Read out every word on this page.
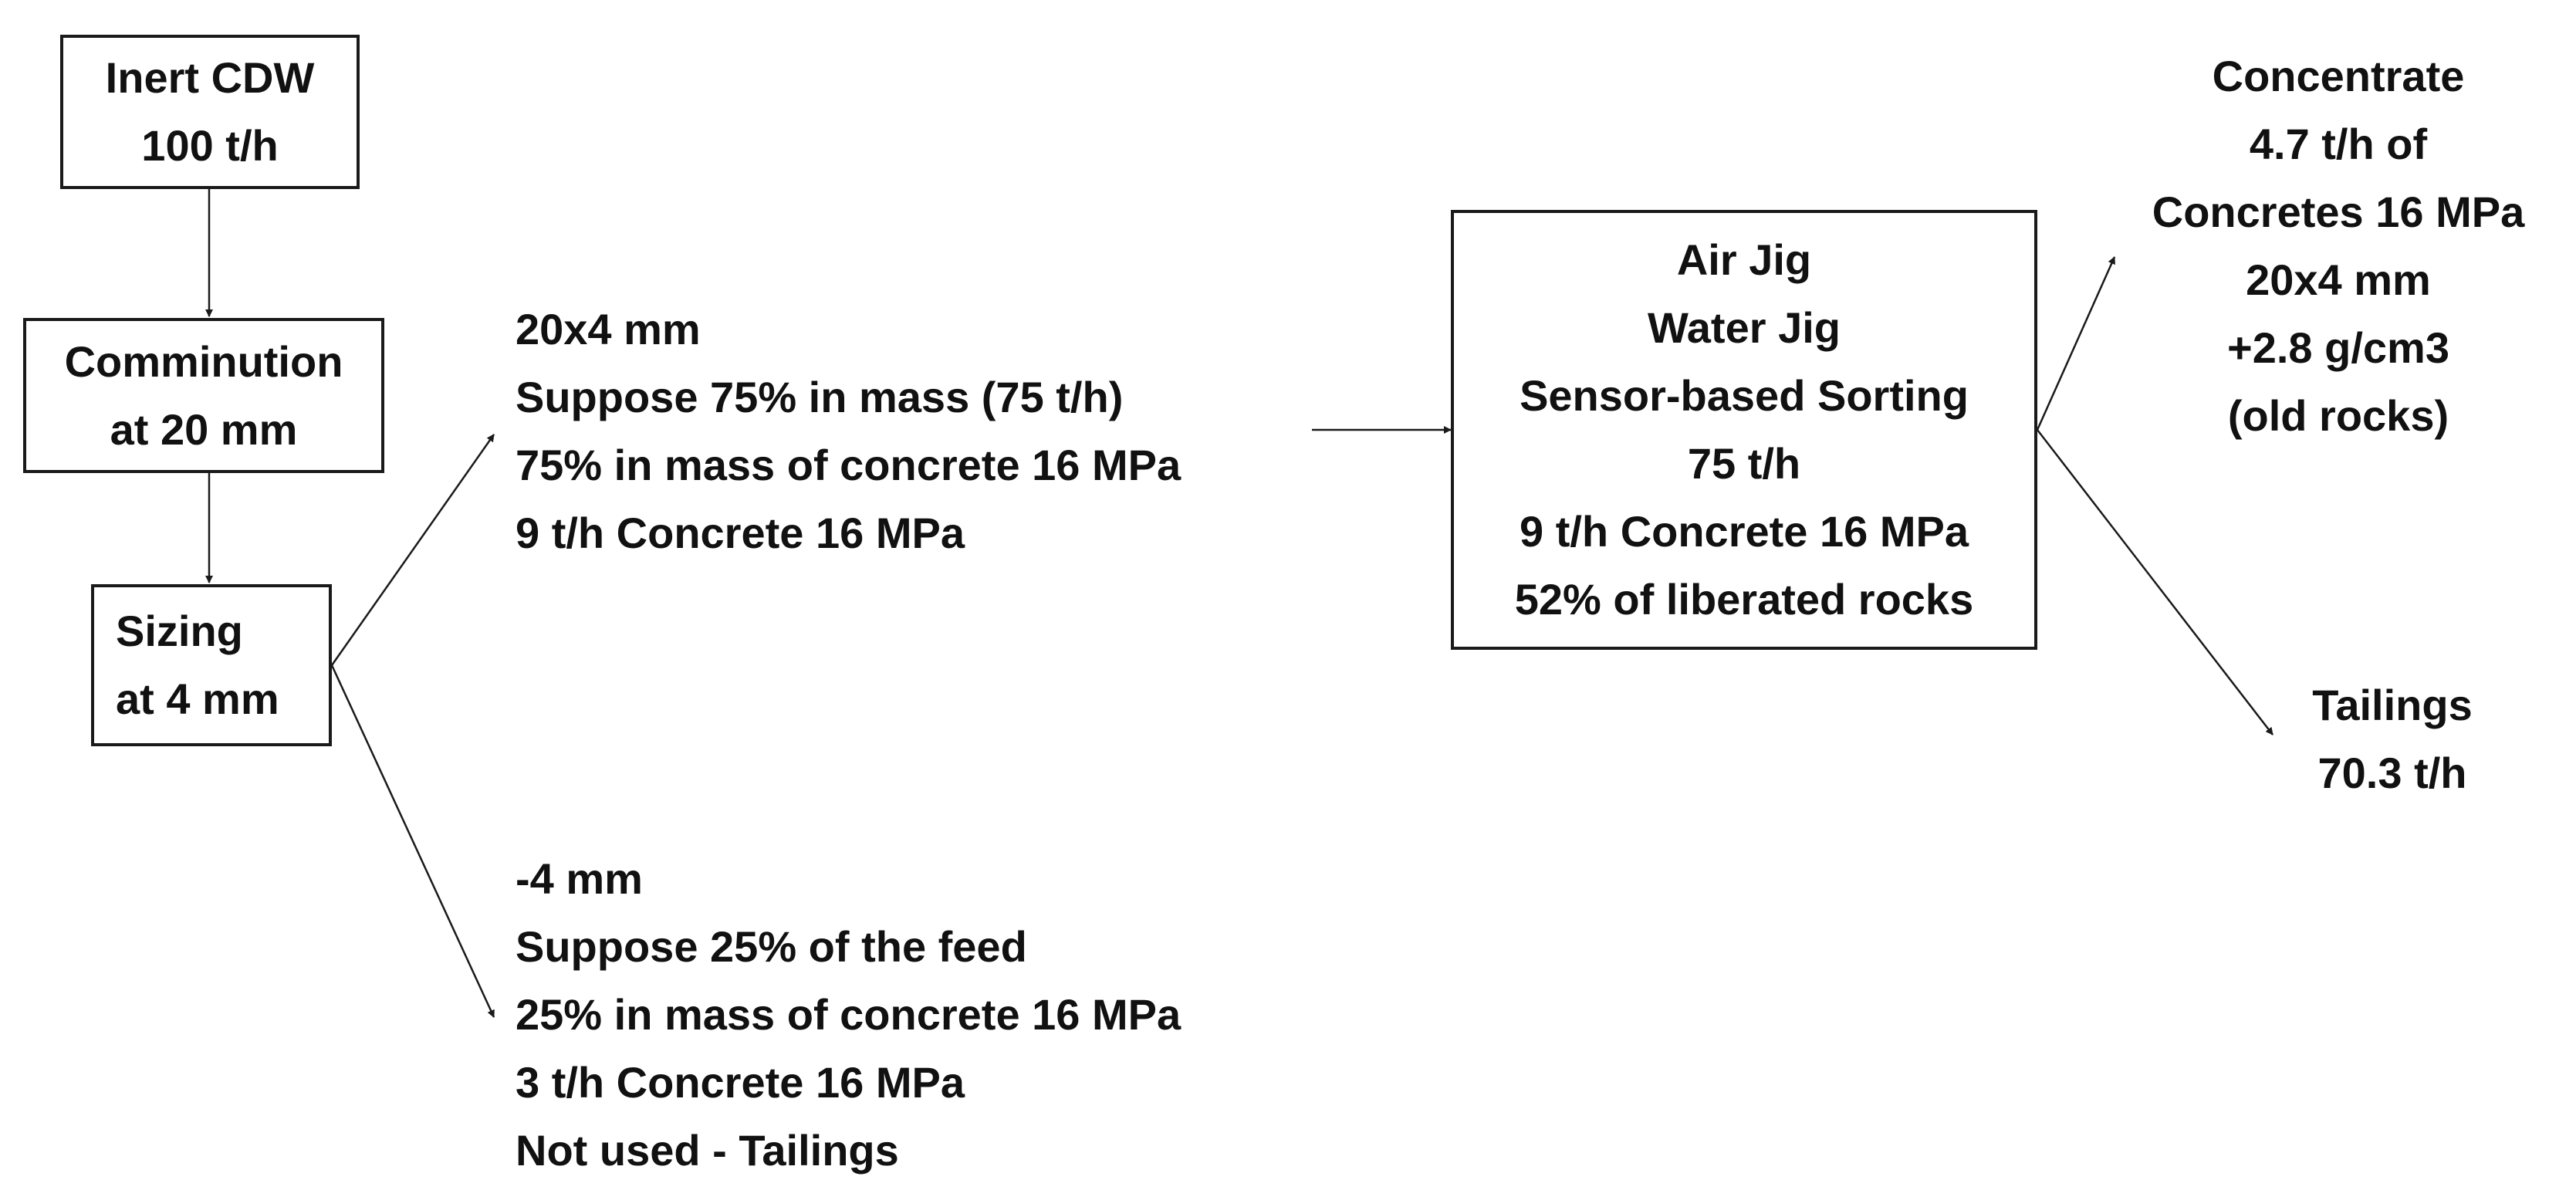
Inert CDW
100 t/h
Comminution
at 20 mm
Sizing
at 4 mm
20x4 mm
Suppose 75% in mass (75 t/h)
75% in mass of concrete 16 MPa
9 t/h Concrete 16 MPa
-4 mm
Suppose 25% of the feed
25% in mass of concrete 16 MPa
3 t/h Concrete 16 MPa
Not used - Tailings
Air Jig
Water Jig
Sensor-based Sorting
75 t/h
9 t/h Concrete 16 MPa
52% of liberated rocks
Concentrate
4.7 t/h of
Concretes 16 MPa
20x4 mm
+2.8 g/cm3
(old rocks)
Tailings
70.3 t/h
